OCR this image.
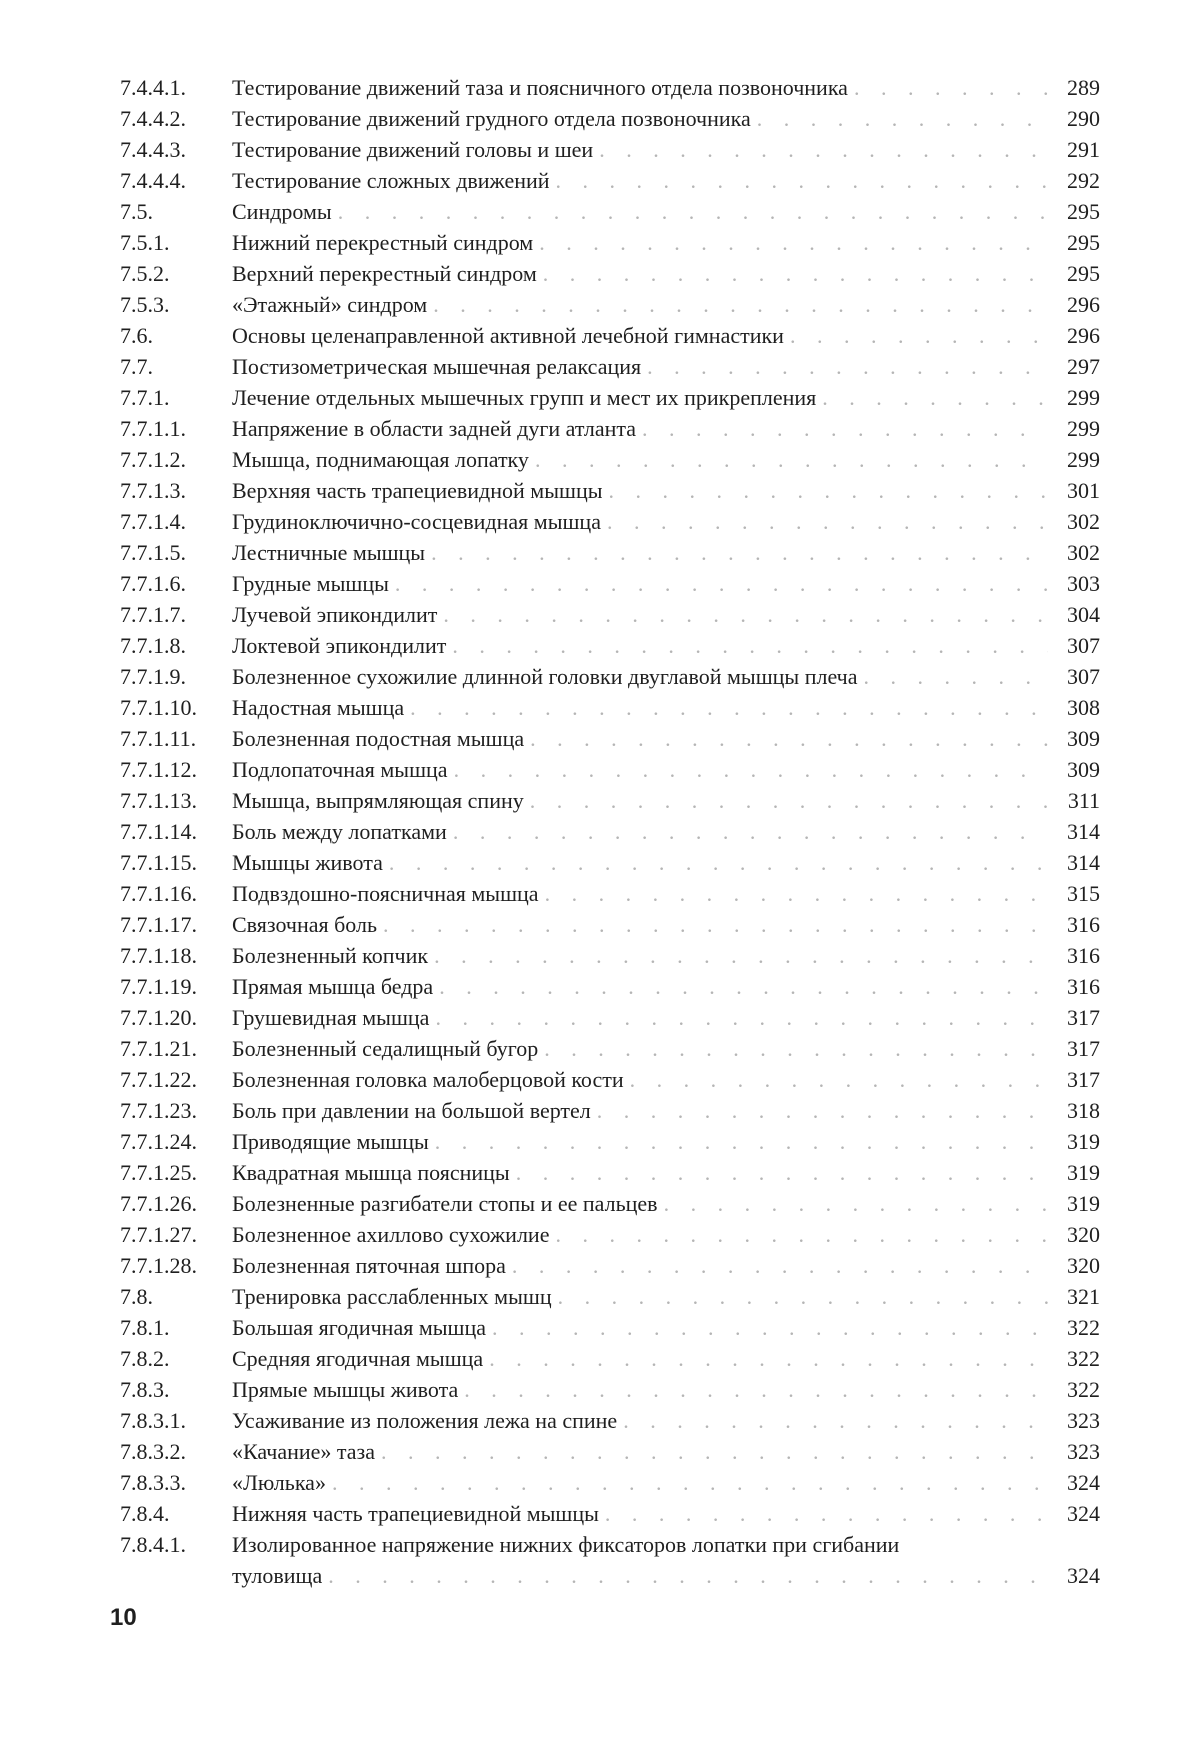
7.4.4.1.	Тестирование движений таза и поясничного отдела позвоночника . . .	289
7.4.4.2.	Тестирование движений грудного отдела позвоночника . . .	290
7.4.4.3.	Тестирование движений головы и шеи . . .	291
7.4.4.4.	Тестирование сложных движений . . .	292
7.5.	Синдромы . . .	295
7.5.1.	Нижний перекрестный синдром . . .	295
7.5.2.	Верхний перекрестный синдром . . .	295
7.5.3.	«Этажный» синдром . . .	296
7.6.	Основы целенаправленной активной лечебной гимнастики . . .	296
7.7.	Постизометрическая мышечная релаксация . . .	297
7.7.1.	Лечение отдельных мышечных групп и мест их прикрепления . . .	299
7.7.1.1.	Напряжение в области задней дуги атланта . . .	299
7.7.1.2.	Мышца, поднимающая лопатку . . .	299
7.7.1.3.	Верхняя часть трапециевидной мышцы . . .	301
7.7.1.4.	Грудиноключично-сосцевидная мышца . . .	302
7.7.1.5.	Лестничные мышцы . . .	302
7.7.1.6.	Грудные мышцы . . .	303
7.7.1.7.	Лучевой эпикондилит . . .	304
7.7.1.8.	Локтевой эпикондилит . . .	307
7.7.1.9.	Болезненное сухожилие длинной головки двуглавой мышцы плеча . . .	307
7.7.1.10.	Надостная мышца . . .	308
7.7.1.11.	Болезненная подостная мышца . . .	309
7.7.1.12.	Подлопаточная мышца . . .	309
7.7.1.13.	Мышца, выпрямляющая спину . . .	311
7.7.1.14.	Боль между лопатками . . .	314
7.7.1.15.	Мышцы живота . . .	314
7.7.1.16.	Подвздошно-поясничная мышца . . .	315
7.7.1.17.	Связочная боль . . .	316
7.7.1.18.	Болезненный копчик . . .	316
7.7.1.19.	Прямая мышца бедра . . .	316
7.7.1.20.	Грушевидная мышца . . .	317
7.7.1.21.	Болезненный седалищный бугор . . .	317
7.7.1.22.	Болезненная головка малоберцовой кости . . .	317
7.7.1.23.	Боль при давлении на большой вертел . . .	318
7.7.1.24.	Приводящие мышцы . . .	319
7.7.1.25.	Квадратная мышца поясницы . . .	319
7.7.1.26.	Болезненные разгибатели стопы и ее пальцев . . .	319
7.7.1.27.	Болезненное ахиллово сухожилие . . .	320
7.7.1.28.	Болезненная пяточная шпора . . .	320
7.8.	Тренировка расслабленных мышц . . .	321
7.8.1.	Большая ягодичная мышца . . .	322
7.8.2.	Средняя ягодичная мышца . . .	322
7.8.3.	Прямые мышцы живота . . .	322
7.8.3.1.	Усаживание из положения лежа на спине . . .	323
7.8.3.2.	«Качание» таза . . .	323
7.8.3.3.	«Люлька» . . .	324
7.8.4.	Нижняя часть трапециевидной мышцы . . .	324
7.8.4.1.	Изолированное напряжение нижних фиксаторов лопатки при сгибании
туловища . . .	324
10
